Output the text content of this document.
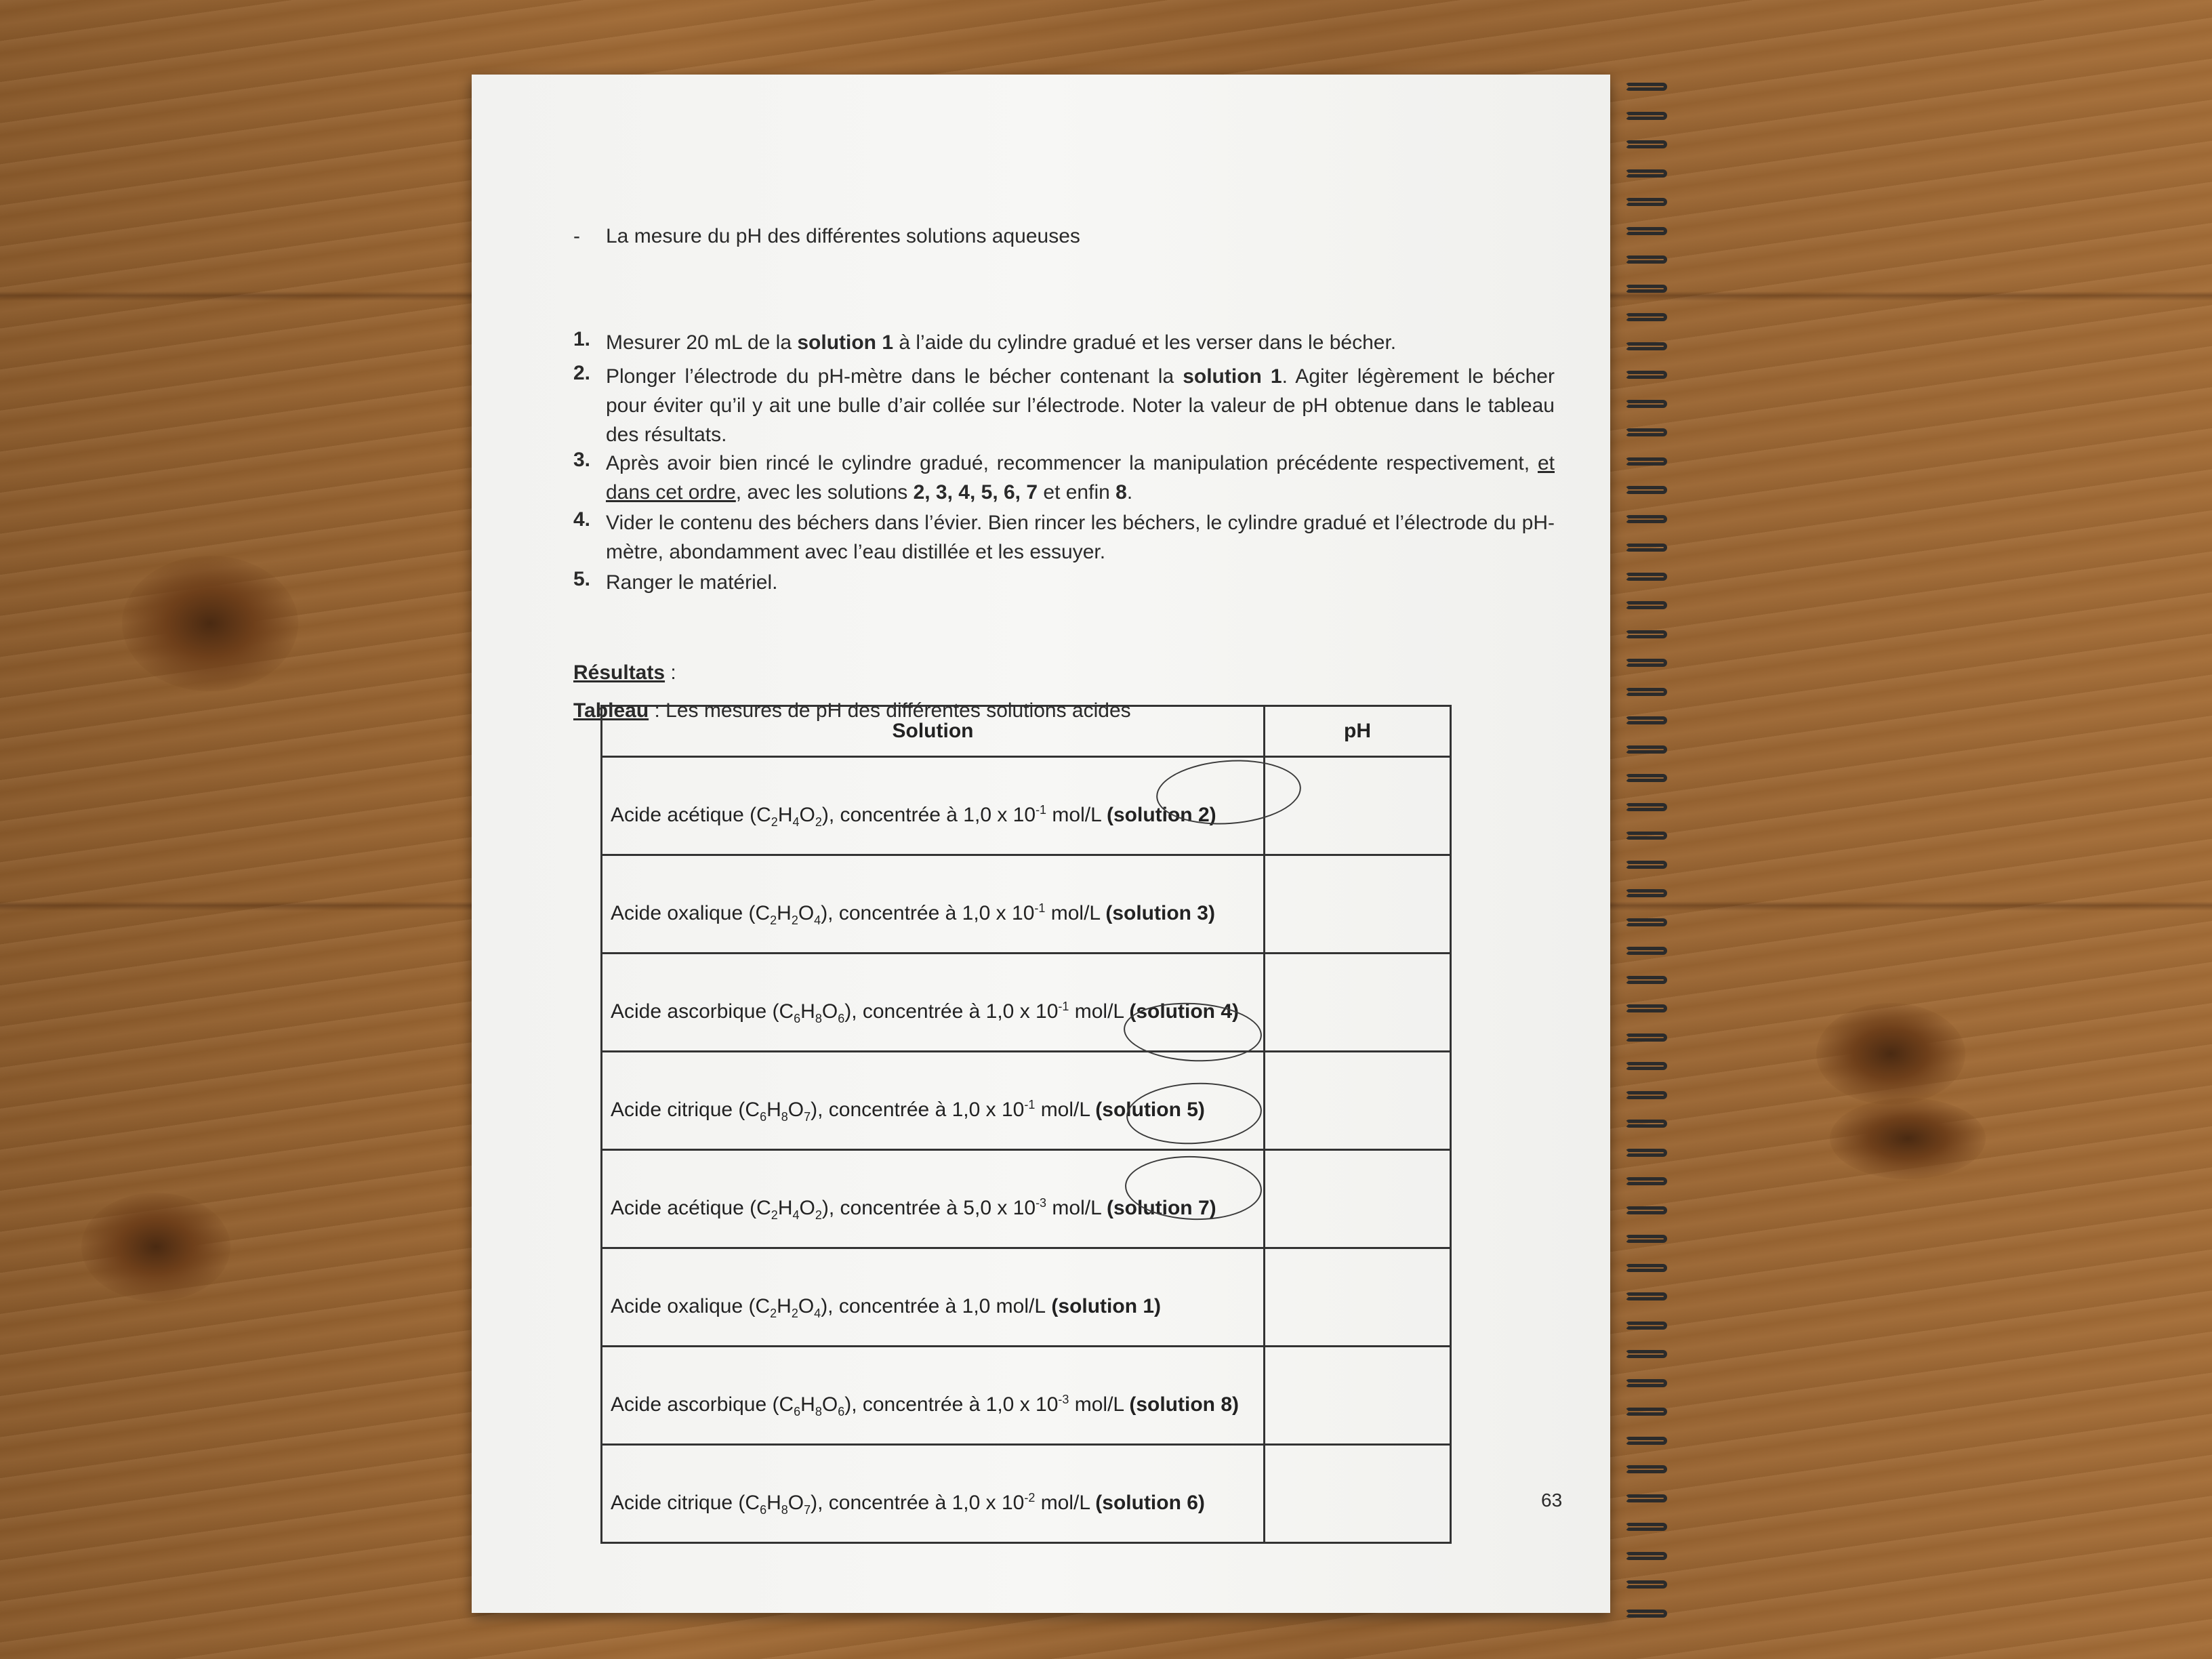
- La mesure du pH des différentes solutions aqueuses
1. Mesurer 20 mL de la solution 1 à l’aide du cylindre gradué et les verser dans le bécher.
2. Plonger l’électrode du pH-mètre dans le bécher contenant la solution 1. Agiter légèrement le bécher pour éviter qu’il y ait une bulle d’air collée sur l’électrode. Noter la valeur de pH obtenue dans le tableau des résultats.
3. Après avoir bien rincé le cylindre gradué, recommencer la manipulation précédente respectivement, et dans cet ordre, avec les solutions 2, 3, 4, 5, 6, 7 et enfin 8.
4. Vider le contenu des béchers dans l’évier. Bien rincer les béchers, le cylindre gradué et l’électrode du pH-mètre, abondamment avec l’eau distillée et les essuyer.
5. Ranger le matériel.
Résultats :
Tableau : Les mesures de pH des différentes solutions acides
Solution	pH
Acide acétique $(C_2H_4O_2)$, concentrée à 1,0 x $10^{-1}$ mol/L (solution 2)	
Acide oxalique $(C_2H_2O_4)$, concentrée à 1,0 x $10^{-1}$ mol/L (solution 3)	
Acide ascorbique $(C_6H_8O_6)$, concentrée à 1,0 x $10^{-1}$ mol/L (solution 4)	
Acide citrique $(C_6H_8O_7)$, concentrée à 1,0 x $10^{-1}$ mol/L (solution 5)	
Acide acétique $(C_2H_4O_2)$, concentrée à 5,0 x $10^{-3}$ mol/L (solution 7)	
Acide oxalique $(C_2H_2O_4)$, concentrée à 1,0 mol/L (solution 1)	
Acide ascorbique $(C_6H_8O_6)$, concentrée à 1,0 x $10^{-3}$ mol/L (solution 8)	
Acide citrique $(C_6H_8O_7)$, concentrée à 1,0 x $10^{-2}$ mol/L (solution 6)		63
